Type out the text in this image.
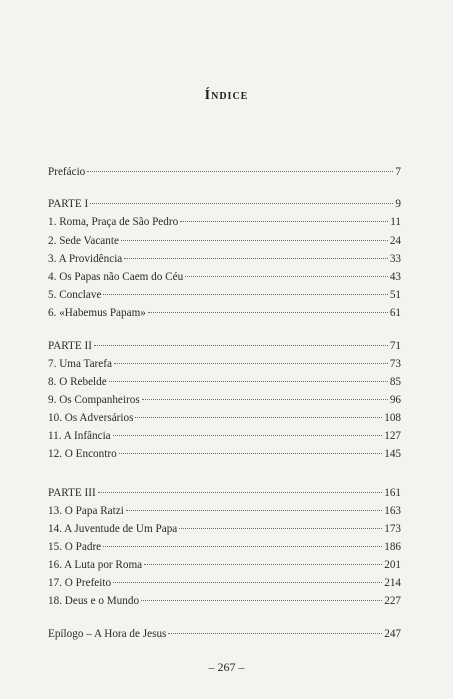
Índice
Prefácio	7
PARTE I	9
1. Roma, Praça de São Pedro	11
2. Sede Vacante	24
3. A Providência	33
4. Os Papas não Caem do Céu	43
5. Conclave	51
6. «Habemus Papam»	61
PARTE II	71
7. Uma Tarefa	73
8. O Rebelde	85
9. Os Companheiros	96
10. Os Adversários	108
11. A Infância	127
12. O Encontro	145
PARTE III	161
13. O Papa Ratzi	163
14. A Juventude de Um Papa	173
15. O Padre	186
16. A Luta por Roma	201
17. O Prefeito	214
18. Deus e o Mundo	227
Epílogo – A Hora de Jesus	247
– 267 –
